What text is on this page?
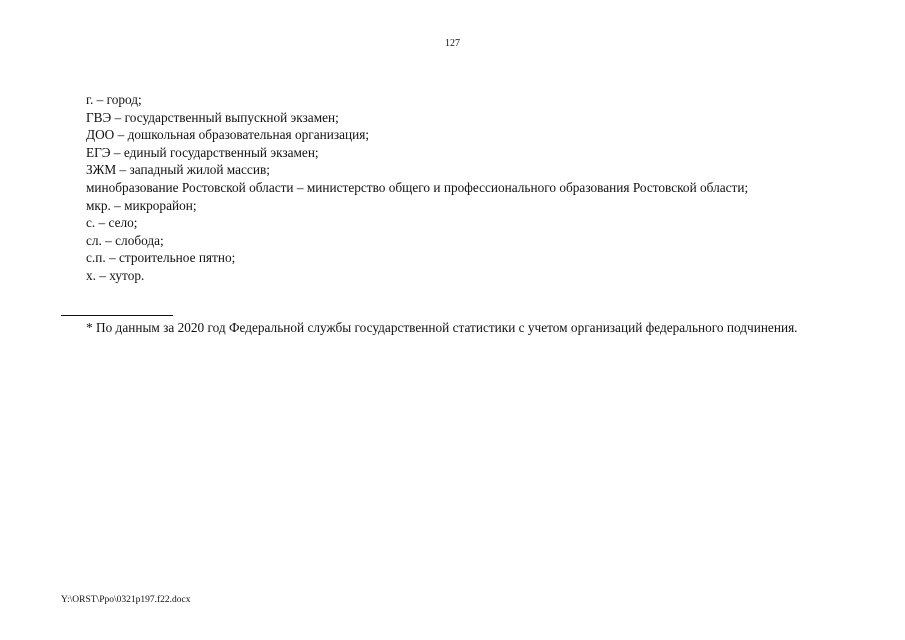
127
г. – город;
ГВЭ – государственный выпускной экзамен;
ДОО – дошкольная образовательная организация;
ЕГЭ – единый государственный экзамен;
ЗЖМ – западный жилой массив;
минобразование Ростовской области – министерство общего и профессионального образования Ростовской области;
мкр. – микрорайон;
с. – село;
сл. – слобода;
с.п. – строительное пятно;
х. – хутор.
* По данным за 2020 год Федеральной службы государственной статистики с учетом организаций федерального подчинения.
Y:\ORST\Ppo\0321p197.f22.docx
